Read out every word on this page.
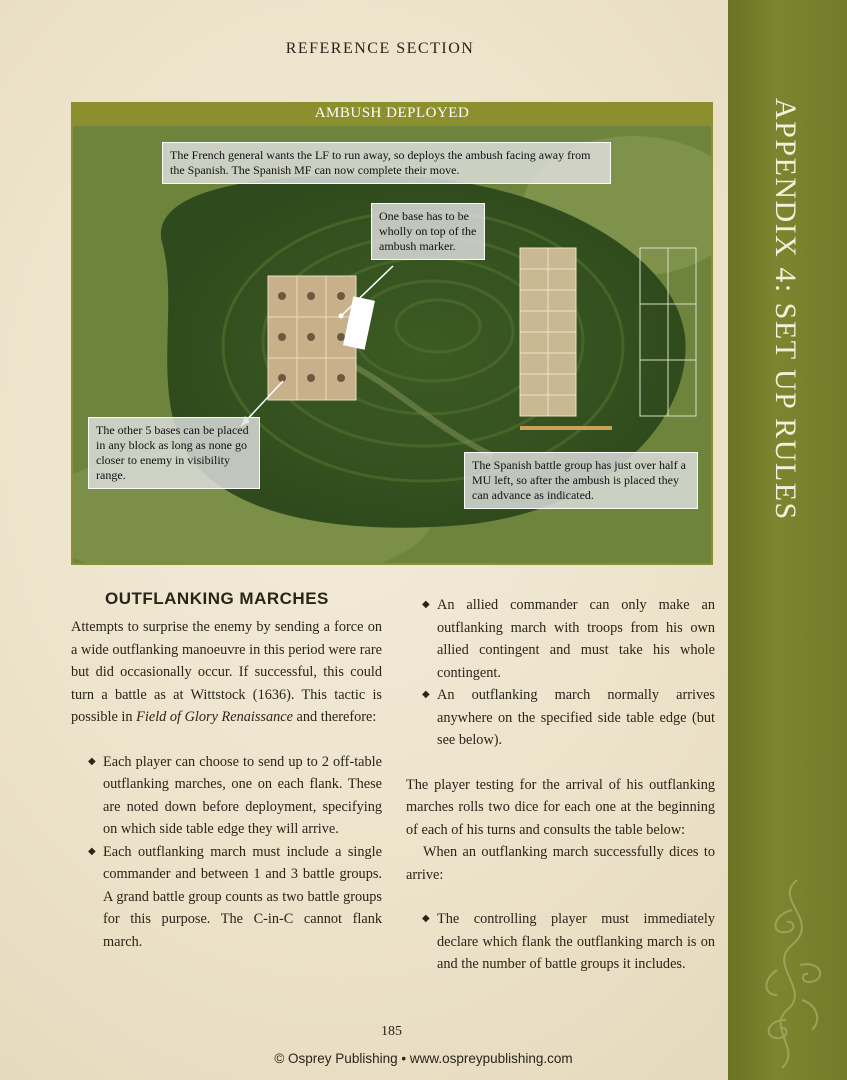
APPENDIX 4: SET UP RULES
REFERENCE SECTION
AMBUSH DEPLOYED
The French general wants the LF to run away, so deploys the ambush facing away from the Spanish. The Spanish MF can now complete their move.
One base has to be wholly on top of the ambush marker.
The other 5 bases can be placed in any block as long as none go closer to enemy in visibility range.
The Spanish battle group has just over half a MU left, so after the ambush is placed they can advance as indicated.
OUTFLANKING MARCHES

Attempts to surprise the enemy by sending a force on a wide outflanking manoeuvre in this period were rare but did occasionally occur. If successful, this could turn a battle as at Wittstock (1636). This tactic is possible in Field of Glory Renaissance and therefore:

◆ Each player can choose to send up to 2 off-table outflanking marches, one on each flank. These are noted down before deployment, specifying on which side table edge they will arrive.
◆ Each outflanking march must include a single commander and between 1 and 3 battle groups. A grand battle group counts as two battle groups for this purpose. The C-in-C cannot flank march.
◆ An allied commander can only make an outflanking march with troops from his own allied contingent and must take his whole contingent.
◆ An outflanking march normally arrives anywhere on the specified side table edge (but see below).

The player testing for the arrival of his outflanking marches rolls two dice for each one at the beginning of each of his turns and consults the table below:

When an outflanking march successfully dices to arrive:

◆ The controlling player must immediately declare which flank the outflanking march is on and the number of battle groups it includes.
185
© Osprey Publishing • www.ospreypublishing.com
